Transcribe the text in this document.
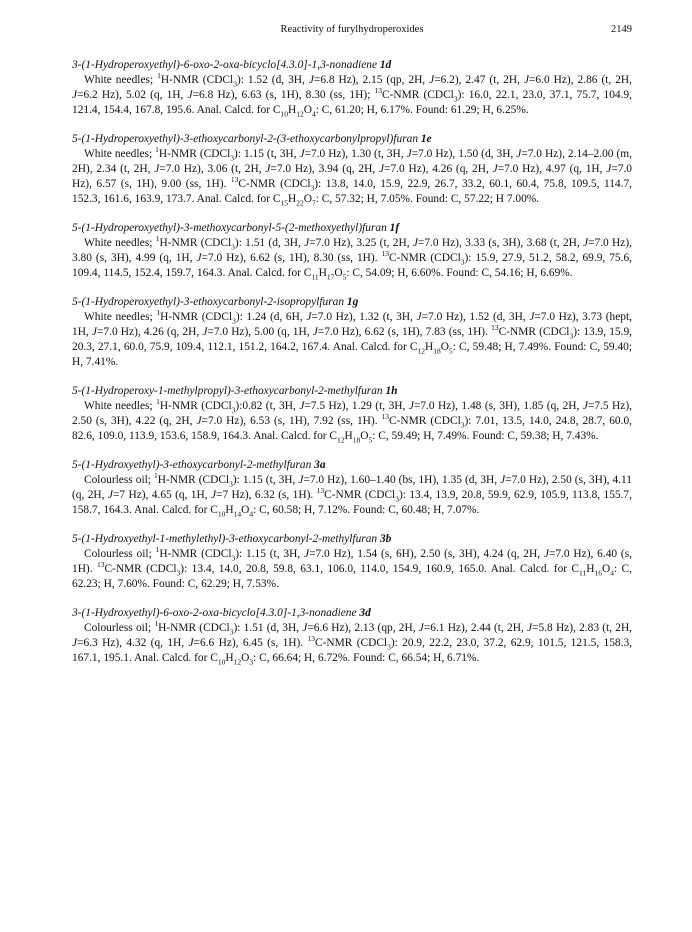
Reactivity of furylhydroperoxides	2149

3-(1-Hydroperoxyethyl)-6-oxo-2-oxa-bicyclo[4.3.0]-1,3-nonadiene 1d

White needles; $^1$H-NMR (CDCl$_3$): 1.52 (d, 3H, J=6.8 Hz), 2.15 (qp, 2H, J=6.2), 2.47 (t, 2H, J=6.0 Hz), 2.86 (t, 2H, J=6.2 Hz), 5.02 (q, 1H, J=6.8 Hz), 6.63 (s, 1H), 8.30 (ss, 1H); $^{13}$C-NMR (CDCl$_3$): 16.0, 22.1, 23.0, 37.1, 75.7, 104.9, 121.4, 154.4, 167.8, 195.6. Anal. Calcd. for $C_{10}H_{12}O_4$: C, 61.20; H, 6.17%. Found: 61.29; H, 6.25%.

5-(1-Hydroperoxyethyl)-3-ethoxycarbonyl-2-(3-ethoxycarbonylpropyl)furan 1e

White needles; $^1$H-NMR (CDCl$_3$): 1.15 (t, 3H, J=7.0 Hz), 1.30 (t, 3H, J=7.0 Hz), 1.50 (d, 3H, J=7.0 Hz), 2.14–2.00 (m, 2H), 2.34 (t, 2H, J=7.0 Hz), 3.06 (t, 2H, J=7.0 Hz), 3.94 (q, 2H, J=7.0 Hz), 4.26 (q, 2H, J=7.0 Hz), 4.97 (q, 1H, J=7.0 Hz), 6.57 (s, 1H), 9.00 (ss, 1H). $^{13}$C-NMR (CDCl$_3$): 13.8, 14.0, 15.9, 22.9, 26.7, 33.2, 60.1, 60.4, 75.8, 109.5, 114.7, 152.3, 161.6, 163.9, 173.7. Anal. Calcd. for $C_{15}H_{22}O_7$: C, 57.32; H, 7.05%. Found: C, 57.22; H 7.00%.

5-(1-Hydroperoxyethyl)-3-methoxycarbonyl-5-(2-methoxyethyl)furan 1f

White needles; $^1$H-NMR (CDCl$_3$): 1.51 (d, 3H, J=7.0 Hz), 3.25 (t, 2H, J=7.0 Hz), 3.33 (s, 3H), 3.68 (t, 2H, J=7.0 Hz), 3.80 (s, 3H), 4.99 (q, 1H, J=7.0 Hz), 6.62 (s, 1H), 8.30 (ss, 1H). $^{13}$C-NMR (CDCl$_3$): 15.9, 27.9, 51.2, 58.2, 69.9, 75.6, 109.4, 114.5, 152.4, 159.7, 164.3. Anal. Calcd. for $C_{11}H_{17}O_5$: C, 54.09; H, 6.60%. Found: C, 54.16; H, 6.69%.

5-(1-Hydroperoxyethyl)-3-ethoxycarbonyl-2-isopropylfuran 1g

White needles; $^1$H-NMR (CDCl$_3$): 1.24 (d, 6H, J=7.0 Hz), 1.32 (t, 3H, J=7.0 Hz), 1.52 (d, 3H, J=7.0 Hz), 3.73 (hept, 1H, J=7.0 Hz), 4.26 (q, 2H, J=7.0 Hz), 5.00 (q, 1H, J=7.0 Hz), 6.62 (s, 1H), 7.83 (ss, 1H). $^{13}$C-NMR (CDCl$_3$): 13.9, 15.9, 20.3, 27.1, 60.0, 75.9, 109.4, 112.1, 151.2, 164.2, 167.4. Anal. Calcd. for $C_{12}H_{18}O_5$: C, 59.48; H, 7.49%. Found: C, 59.40; H, 7.41%.

5-(1-Hydroperoxy-1-methylpropyl)-3-ethoxycarbonyl-2-methylfuran 1h

White needles; $^1$H-NMR (CDCl$_3$):0.82 (t, 3H, J=7.5 Hz), 1.29 (t, 3H, J=7.0 Hz), 1.48 (s, 3H), 1.85 (q, 2H, J=7.5 Hz), 2.50 (s, 3H), 4.22 (q, 2H, J=7.0 Hz), 6.53 (s, 1H), 7.92 (ss, 1H). $^{13}$C-NMR (CDCl$_3$): 7.01, 13.5, 14.0, 24.8, 28.7, 60.0, 82.6, 109.0, 113.9, 153.6, 158.9, 164.3. Anal. Calcd. for $C_{12}H_{18}O_5$: C, 59.49; H, 7.49%. Found: C, 59.38; H, 7.43%.

5-(1-Hydroxyethyl)-3-ethoxycarbonyl-2-methylfuran 3a

Colourless oil; $^1$H-NMR (CDCl$_3$): 1.15 (t, 3H, J=7.0 Hz), 1.60–1.40 (bs, 1H), 1.35 (d, 3H, J=7.0 Hz), 2.50 (s, 3H), 4.11 (q, 2H, J=7 Hz), 4.65 (q, 1H, J=7 Hz), 6.32 (s, 1H). $^{13}$C-NMR (CDCl$_3$): 13.4, 13.9, 20.8, 59.9, 62.9, 105.9, 113.8, 155.7, 158.7, 164.3. Anal. Calcd. for $C_{10}H_{14}O_4$: C, 60.58; H, 7.12%. Found: C, 60.48; H, 7.07%.

5-(1-Hydroxyethyl-1-methylethyl)-3-ethoxycarbonyl-2-methylfuran 3b

Colourless oil; $^1$H-NMR (CDCl$_3$): 1.15 (t, 3H, J=7.0 Hz), 1.54 (s, 6H), 2.50 (s, 3H), 4.24 (q, 2H, J=7.0 Hz), 6.40 (s, 1H). $^{13}$C-NMR (CDCl$_3$): 13.4, 14.0, 20.8, 59.8, 63.1, 106.0, 114.0, 154.9, 160.9, 165.0. Anal. Calcd. for $C_{11}H_{16}O_4$: C, 62.23; H, 7.60%. Found: C, 62.29; H, 7.53%.

3-(1-Hydroxyethyl)-6-oxo-2-oxa-bicyclo[4.3.0]-1,3-nonadiene 3d

Colourless oil; $^1$H-NMR (CDCl$_3$): 1.51 (d, 3H, J=6.6 Hz), 2.13 (qp, 2H, J=6.1 Hz), 2.44 (t, 2H, J=5.8 Hz), 2.83 (t, 2H, J=6.3 Hz), 4.32 (q, 1H, J=6.6 Hz), 6.45 (s, 1H). $^{13}$C-NMR (CDCl$_3$): 20.9, 22.2, 23.0, 37.2, 62.9, 101.5, 121.5, 158.3, 167.1, 195.1. Anal. Calcd. for $C_{10}H_{12}O_3$: C, 66.64; H, 6.72%. Found: C, 66.54; H, 6.71%.
